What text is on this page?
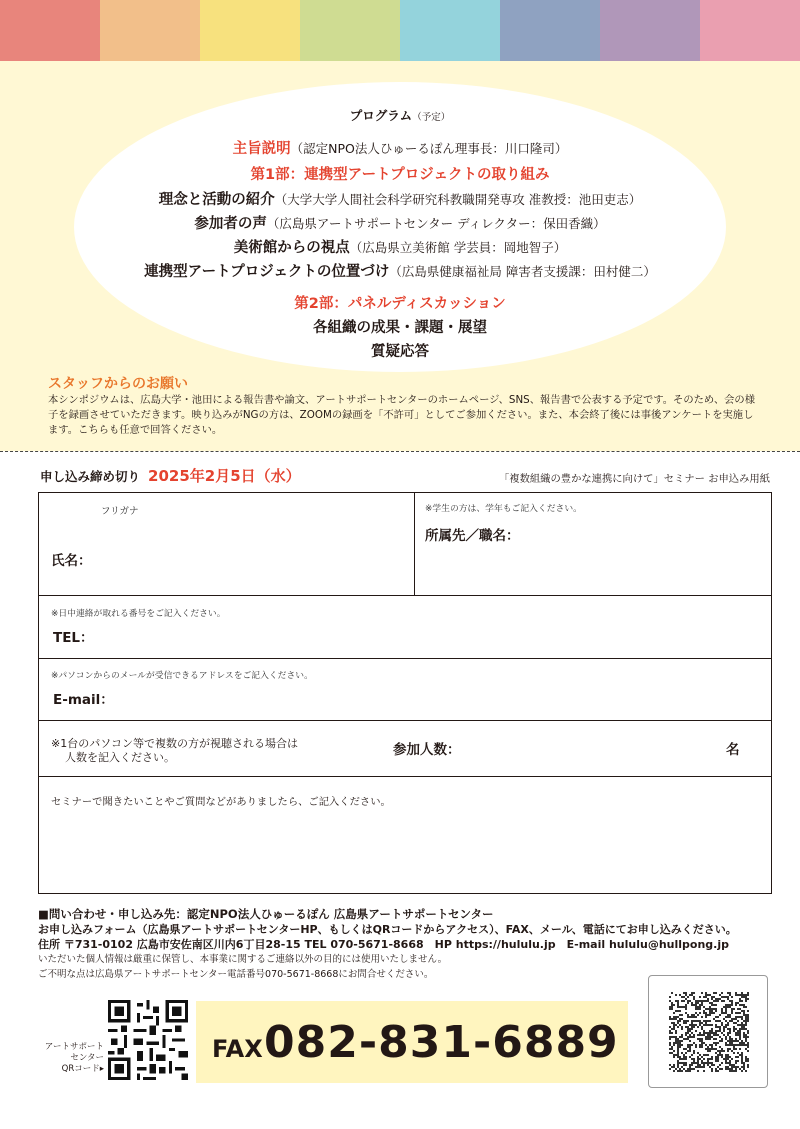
プログラム（予定）
主旨説明（認定NPO法人ひゅーるぽん理事長：川口隆司）
第1部：連携型アートプロジェクトの取り組み
理念と活動の紹介（大学大学人間社会科学研究科教職開発専攻 准教授：池田吏志）
参加者の声（広島県アートサポートセンター ディレクター：保田香織）
美術館からの視点（広島県立美術館 学芸員：岡地智子）
連携型アートプロジェクトの位置づけ（広島県健康福祉局 障害者支援課：田村健二）
第2部：パネルディスカッション
各組織の成果・課題・展望
質疑応答
スタッフからのお願い
本シンポジウムは、広島大学・池田による報告書や論文、アートサポートセンターのホームページ、SNS、報告書で公表する予定です。そのため、会の様子を録画させていただきます。映り込みがNGの方は、ZOOMの録画を「不許可」としてご参加ください。また、本会終了後には事後アンケートを実施します。こちらも任意で回答ください。
申し込み締め切り 2025年2月5日（水）	「複数組織の豊かな連携に向けて」セミナー お申込み用紙
フリガナ
氏名：
※学生の方は、学年もご記入ください。
所属先／職名：
※日中連絡が取れる番号をご記入ください。
TEL：
※パソコンからのメールが受信できるアドレスをご記入ください。
E-mail：
※1台のパソコン等で複数の方が視聴される場合は
人数を記入ください。	参加人数：	名
セミナーで聞きたいことやご質問などがありましたら、ご記入ください。
■問い合わせ・申し込み先：認定NPO法人ひゅーるぽん 広島県アートサポートセンター
お申し込みフォーム（広島県アートサポートセンターHP、もしくはQRコードからアクセス）、FAX、メール、電話にてお申し込みください。
住所 〒731-0102 広島市安佐南区川内6丁目28-15 TEL 070-5671-8668　HP https://hululu.jp　E-mail hululu@hullpong.jp
いただいた個人情報は厳重に保管し、本事業に関するご連絡以外の目的には使用いたしません。
ご不明な点は広島県アートサポートセンター電話番号070-5671-8668にお問合せください。
アートサポート
センター
QRコード▸
FAX 082-831-6889
